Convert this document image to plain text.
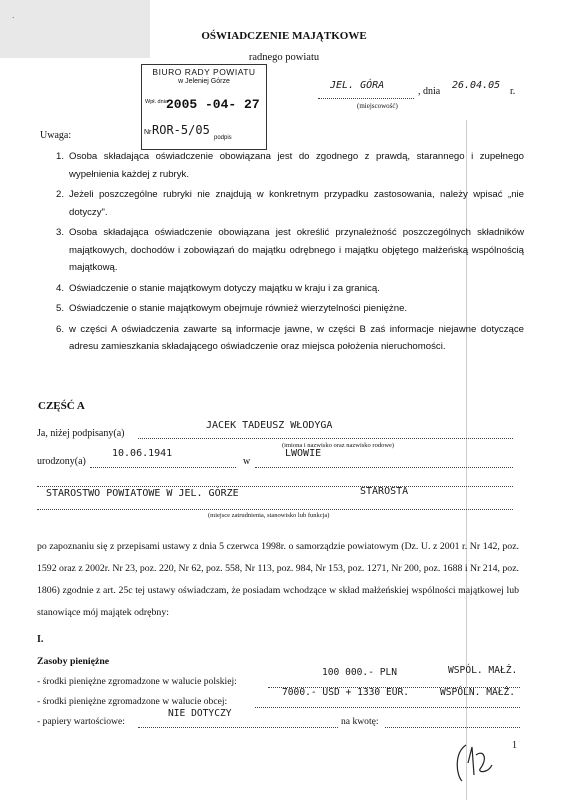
·
OŚWIADCZENIE MAJĄTKOWE
radnego powiatu
BIURO RADY POWIATU
w Jeleniej Górze
Wpł. dnia
2005 -04- 27
Nr ROR-5/05
podpis
JEL. GÓRA
, dnia
26.04.05
r.
(miejscowość)
Uwaga:
1. Osoba składająca oświadczenie obowiązana jest do zgodnego z prawdą, starannego i zupełnego wypełnienia każdej z rubryk.
2. Jeżeli poszczególne rubryki nie znajdują w konkretnym przypadku zastosowania, należy wpisać „nie dotyczy".
3. Osoba składająca oświadczenie obowiązana jest określić przynależność poszczególnych składników majątkowych, dochodów i zobowiązań do majątku odrębnego i majątku objętego małżeńską wspólnością majątkową.
4. Oświadczenie o stanie majątkowym dotyczy majątku w kraju i za granicą.
5. Oświadczenie o stanie majątkowym obejmuje również wierzytelności pieniężne.
6. w części A oświadczenia zawarte są informacje jawne, w części B zaś informacje niejawne dotyczące adresu zamieszkania składającego oświadczenie oraz miejsca położenia nieruchomości.
CZĘŚĆ A
Ja, niżej podpisany(a)
JACEK TADEUSZ WŁODYGA
(imiona i nazwisko oraz nazwisko rodowe)
urodzony(a)
10.06.1941
w
LWOWIE
STAROSTWO POWIATOWE W JEL. GÓRZE	STAROSTA
(miejsce zatrudnienia, stanowisko lub funkcja)
po zapoznaniu się z przepisami ustawy z dnia 5 czerwca 1998r. o samorządzie powiatowym (Dz. U. z 2001 r. Nr 142, poz. 1592 oraz z 2002r. Nr 23, poz. 220, Nr 62, poz. 558, Nr 113, poz. 984, Nr 153, poz. 1271, Nr 200, poz. 1688 i Nr 214, poz. 1806) zgodnie z art. 25c tej ustawy oświadczam, że posiadam wchodzące w skład małżeńskiej wspólności majątkowej lub stanowiące mój majątek odrębny:
I.
Zasoby pieniężne
- środki pieniężne zgromadzone w walucie polskiej:
100 000.- PLN	WSPÓL. MAŁŻ.
- środki pieniężne zgromadzone w walucie obcej:
7000.- USD + 1330 EUR.	WSPÓLN. MAŁŻ.
- papiery wartościowe:
NIE DOTYCZY
na kwotę:
1
